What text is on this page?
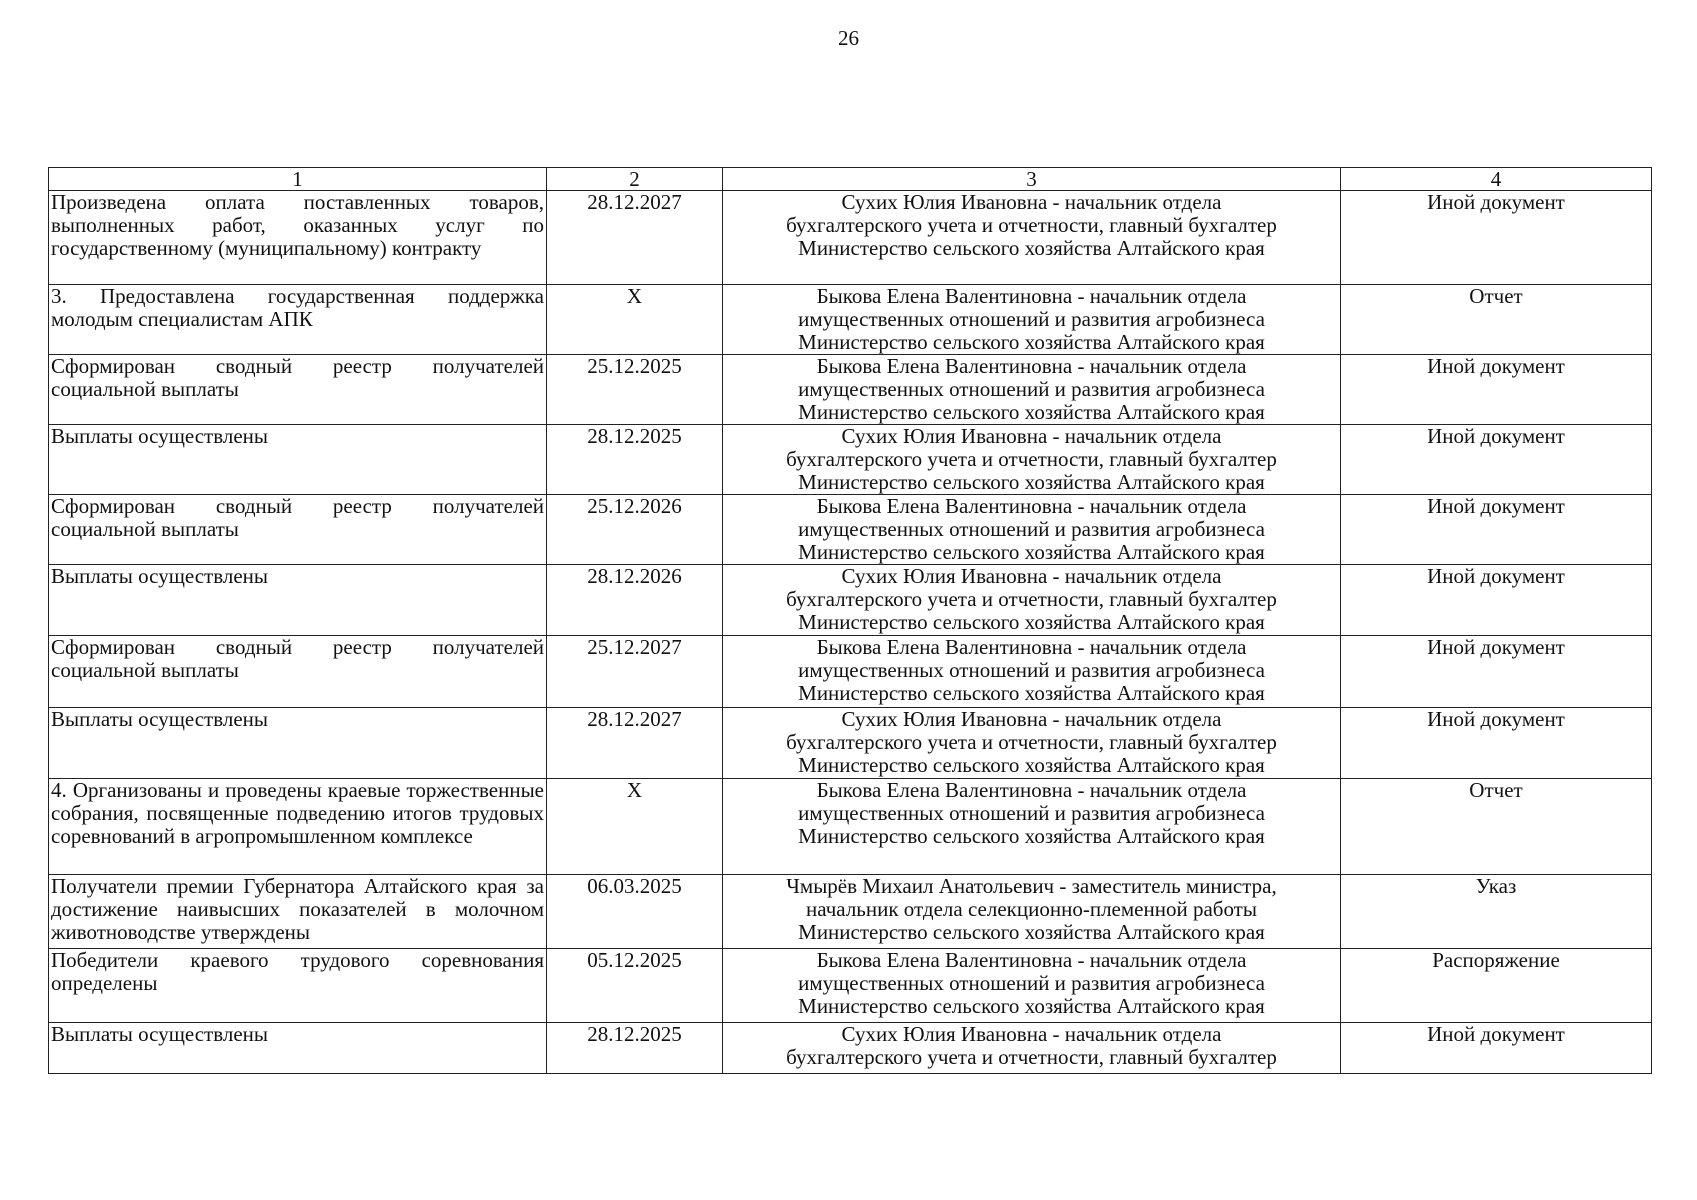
26
1	2	3	4
Произведена оплата поставленных товаров, выполненных работ, оказанных услуг по государственному (муниципальному) контракту	28.12.2027	Сухих Юлия Ивановна - начальник отдела
бухгалтерского учета и отчетности, главный бухгалтер
Министерство сельского хозяйства Алтайского края	Иной документ
3. Предоставлена государственная поддержка молодым специалистам АПК	X	Быкова Елена Валентиновна - начальник отдела
имущественных отношений и развития агробизнеса
Министерство сельского хозяйства Алтайского края	Отчет
Сформирован сводный реестр получателей социальной выплаты	25.12.2025	Быкова Елена Валентиновна - начальник отдела
имущественных отношений и развития агробизнеса
Министерство сельского хозяйства Алтайского края	Иной документ
Выплаты осуществлены	28.12.2025	Сухих Юлия Ивановна - начальник отдела
бухгалтерского учета и отчетности, главный бухгалтер
Министерство сельского хозяйства Алтайского края	Иной документ
Сформирован сводный реестр получателей социальной выплаты	25.12.2026	Быкова Елена Валентиновна - начальник отдела
имущественных отношений и развития агробизнеса
Министерство сельского хозяйства Алтайского края	Иной документ
Выплаты осуществлены	28.12.2026	Сухих Юлия Ивановна - начальник отдела
бухгалтерского учета и отчетности, главный бухгалтер
Министерство сельского хозяйства Алтайского края	Иной документ
Сформирован сводный реестр получателей социальной выплаты	25.12.2027	Быкова Елена Валентиновна - начальник отдела
имущественных отношений и развития агробизнеса
Министерство сельского хозяйства Алтайского края	Иной документ
Выплаты осуществлены	28.12.2027	Сухих Юлия Ивановна - начальник отдела
бухгалтерского учета и отчетности, главный бухгалтер
Министерство сельского хозяйства Алтайского края	Иной документ
4. Организованы и проведены краевые торжественные собрания, посвященные подведению итогов трудовых соревнований в агропромышленном комплексе	X	Быкова Елена Валентиновна - начальник отдела
имущественных отношений и развития агробизнеса
Министерство сельского хозяйства Алтайского края	Отчет
Получатели премии Губернатора Алтайского края за достижение наивысших показателей в молочном животноводстве утверждены	06.03.2025	Чмырёв Михаил Анатольевич - заместитель министра,
начальник отдела селекционно-племенной работы
Министерство сельского хозяйства Алтайского края	Указ
Победители краевого трудового соревнования определены	05.12.2025	Быкова Елена Валентиновна - начальник отдела
имущественных отношений и развития агробизнеса
Министерство сельского хозяйства Алтайского края	Распоряжение
Выплаты осуществлены	28.12.2025	Сухих Юлия Ивановна - начальник отдела
бухгалтерского учета и отчетности, главный бухгалтер	Иной документ
